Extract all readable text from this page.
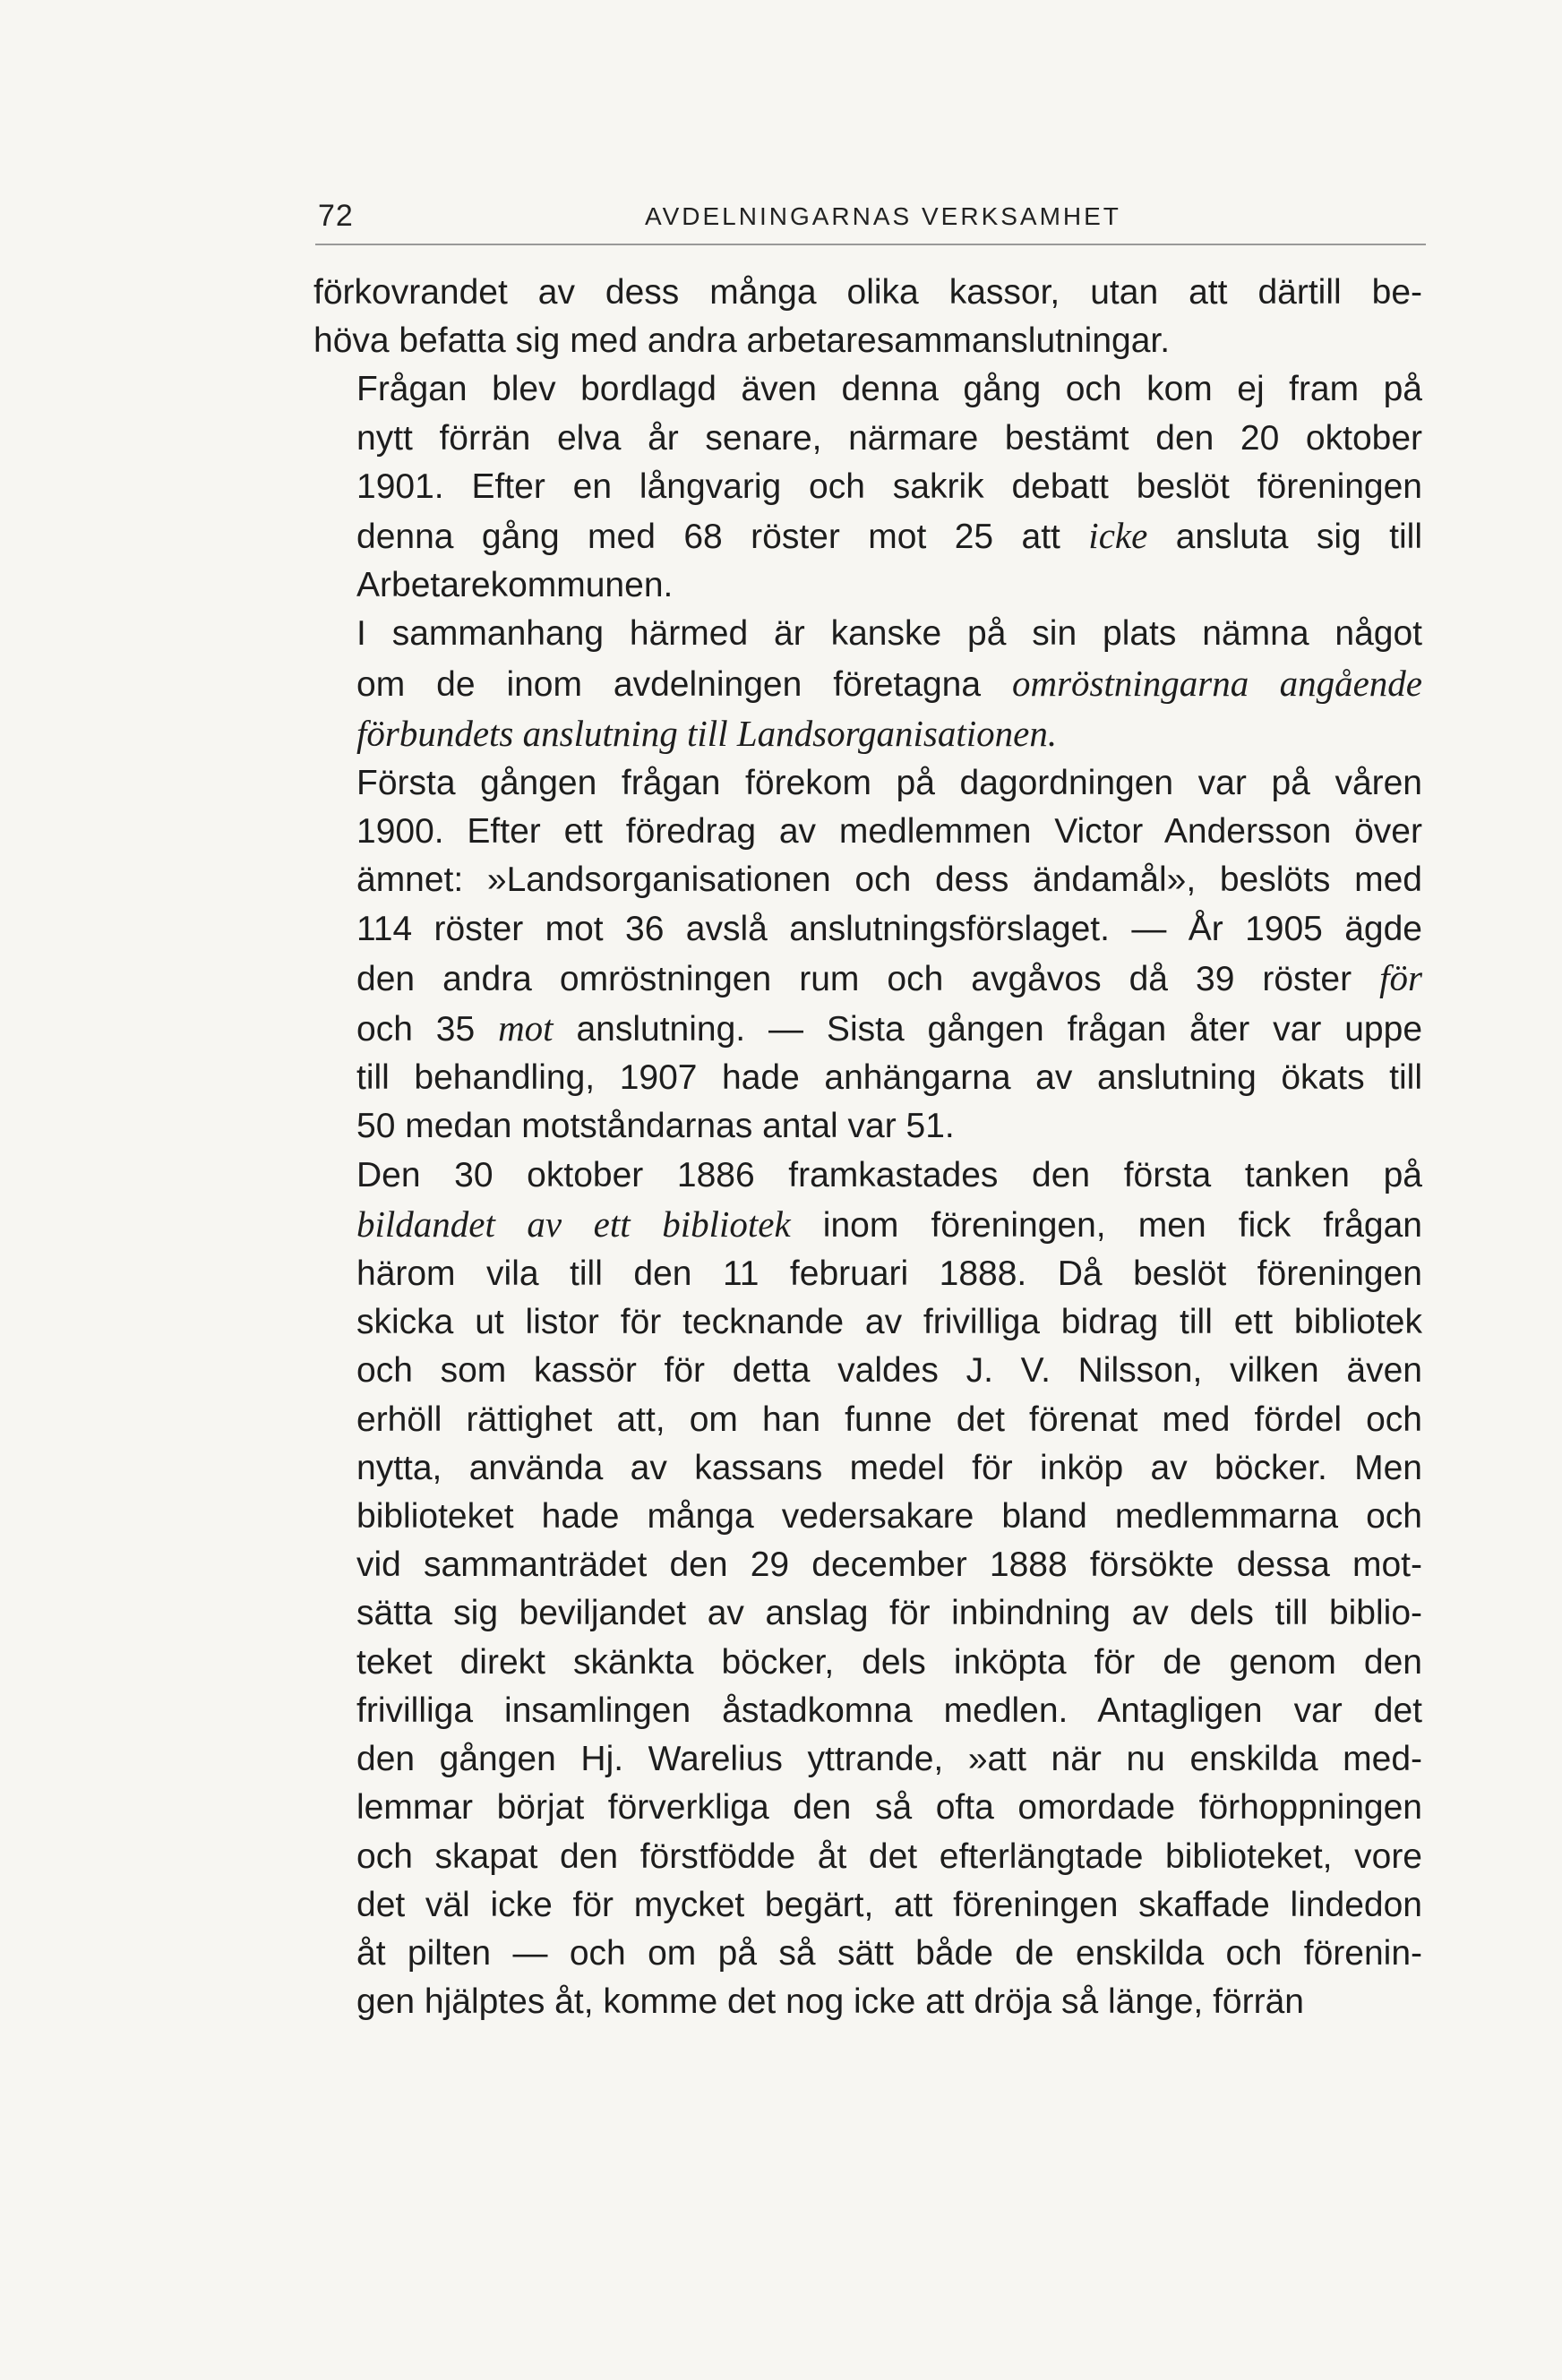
72	AVDELNINGARNAS VERKSAMHET

förkovrandet av dess många olika kassor, utan att därtill be-
höva befatta sig med andra arbetaresammanslutningar.

Frågan blev bordlagd även denna gång och kom ej fram på
nytt förrän elva år senare, närmare bestämt den 20 oktober
1901. Efter en långvarig och sakrik debatt beslöt föreningen
denna gång med 68 röster mot 25 att icke ansluta sig till
Arbetarekommunen.

I sammanhang härmed är kanske på sin plats nämna något
om de inom avdelningen företagna omröstningarna angående
förbundets anslutning till Landsorganisationen.

Första gången frågan förekom på dagordningen var på våren
1900. Efter ett föredrag av medlemmen Victor Andersson över
ämnet: »Landsorganisationen och dess ändamål», beslöts med
114 röster mot 36 avslå anslutningsförslaget. — År 1905 ägde
den andra omröstningen rum och avgåvos då 39 röster för
och 35 mot anslutning. — Sista gången frågan åter var uppe
till behandling, 1907 hade anhängarna av anslutning ökats till
50 medan motståndarnas antal var 51.

Den 30 oktober 1886 framkastades den första tanken på
bildandet av ett bibliotek inom föreningen, men fick frågan
härom vila till den 11 februari 1888. Då beslöt föreningen
skicka ut listor för tecknande av frivilliga bidrag till ett bibliotek
och som kassör för detta valdes J. V. Nilsson, vilken även
erhöll rättighet att, om han funne det förenat med fördel och
nytta, använda av kassans medel för inköp av böcker. Men
biblioteket hade många vedersakare bland medlemmarna och
vid sammanträdet den 29 december 1888 försökte dessa mot-
sätta sig beviljandet av anslag för inbindning av dels till biblio-
teket direkt skänkta böcker, dels inköpta för de genom den
frivilliga insamlingen åstadkomna medlen. Antagligen var det
den gången Hj. Warelius yttrande, »att när nu enskilda med-
lemmar börjat förverkliga den så ofta omordade förhoppningen
och skapat den förstfödde åt det efterlängtade biblioteket, vore
det väl icke för mycket begärt, att föreningen skaffade lindedon
åt pilten — och om på så sätt både de enskilda och förenin-
gen hjälptes åt, komme det nog icke att dröja så länge, förrän
